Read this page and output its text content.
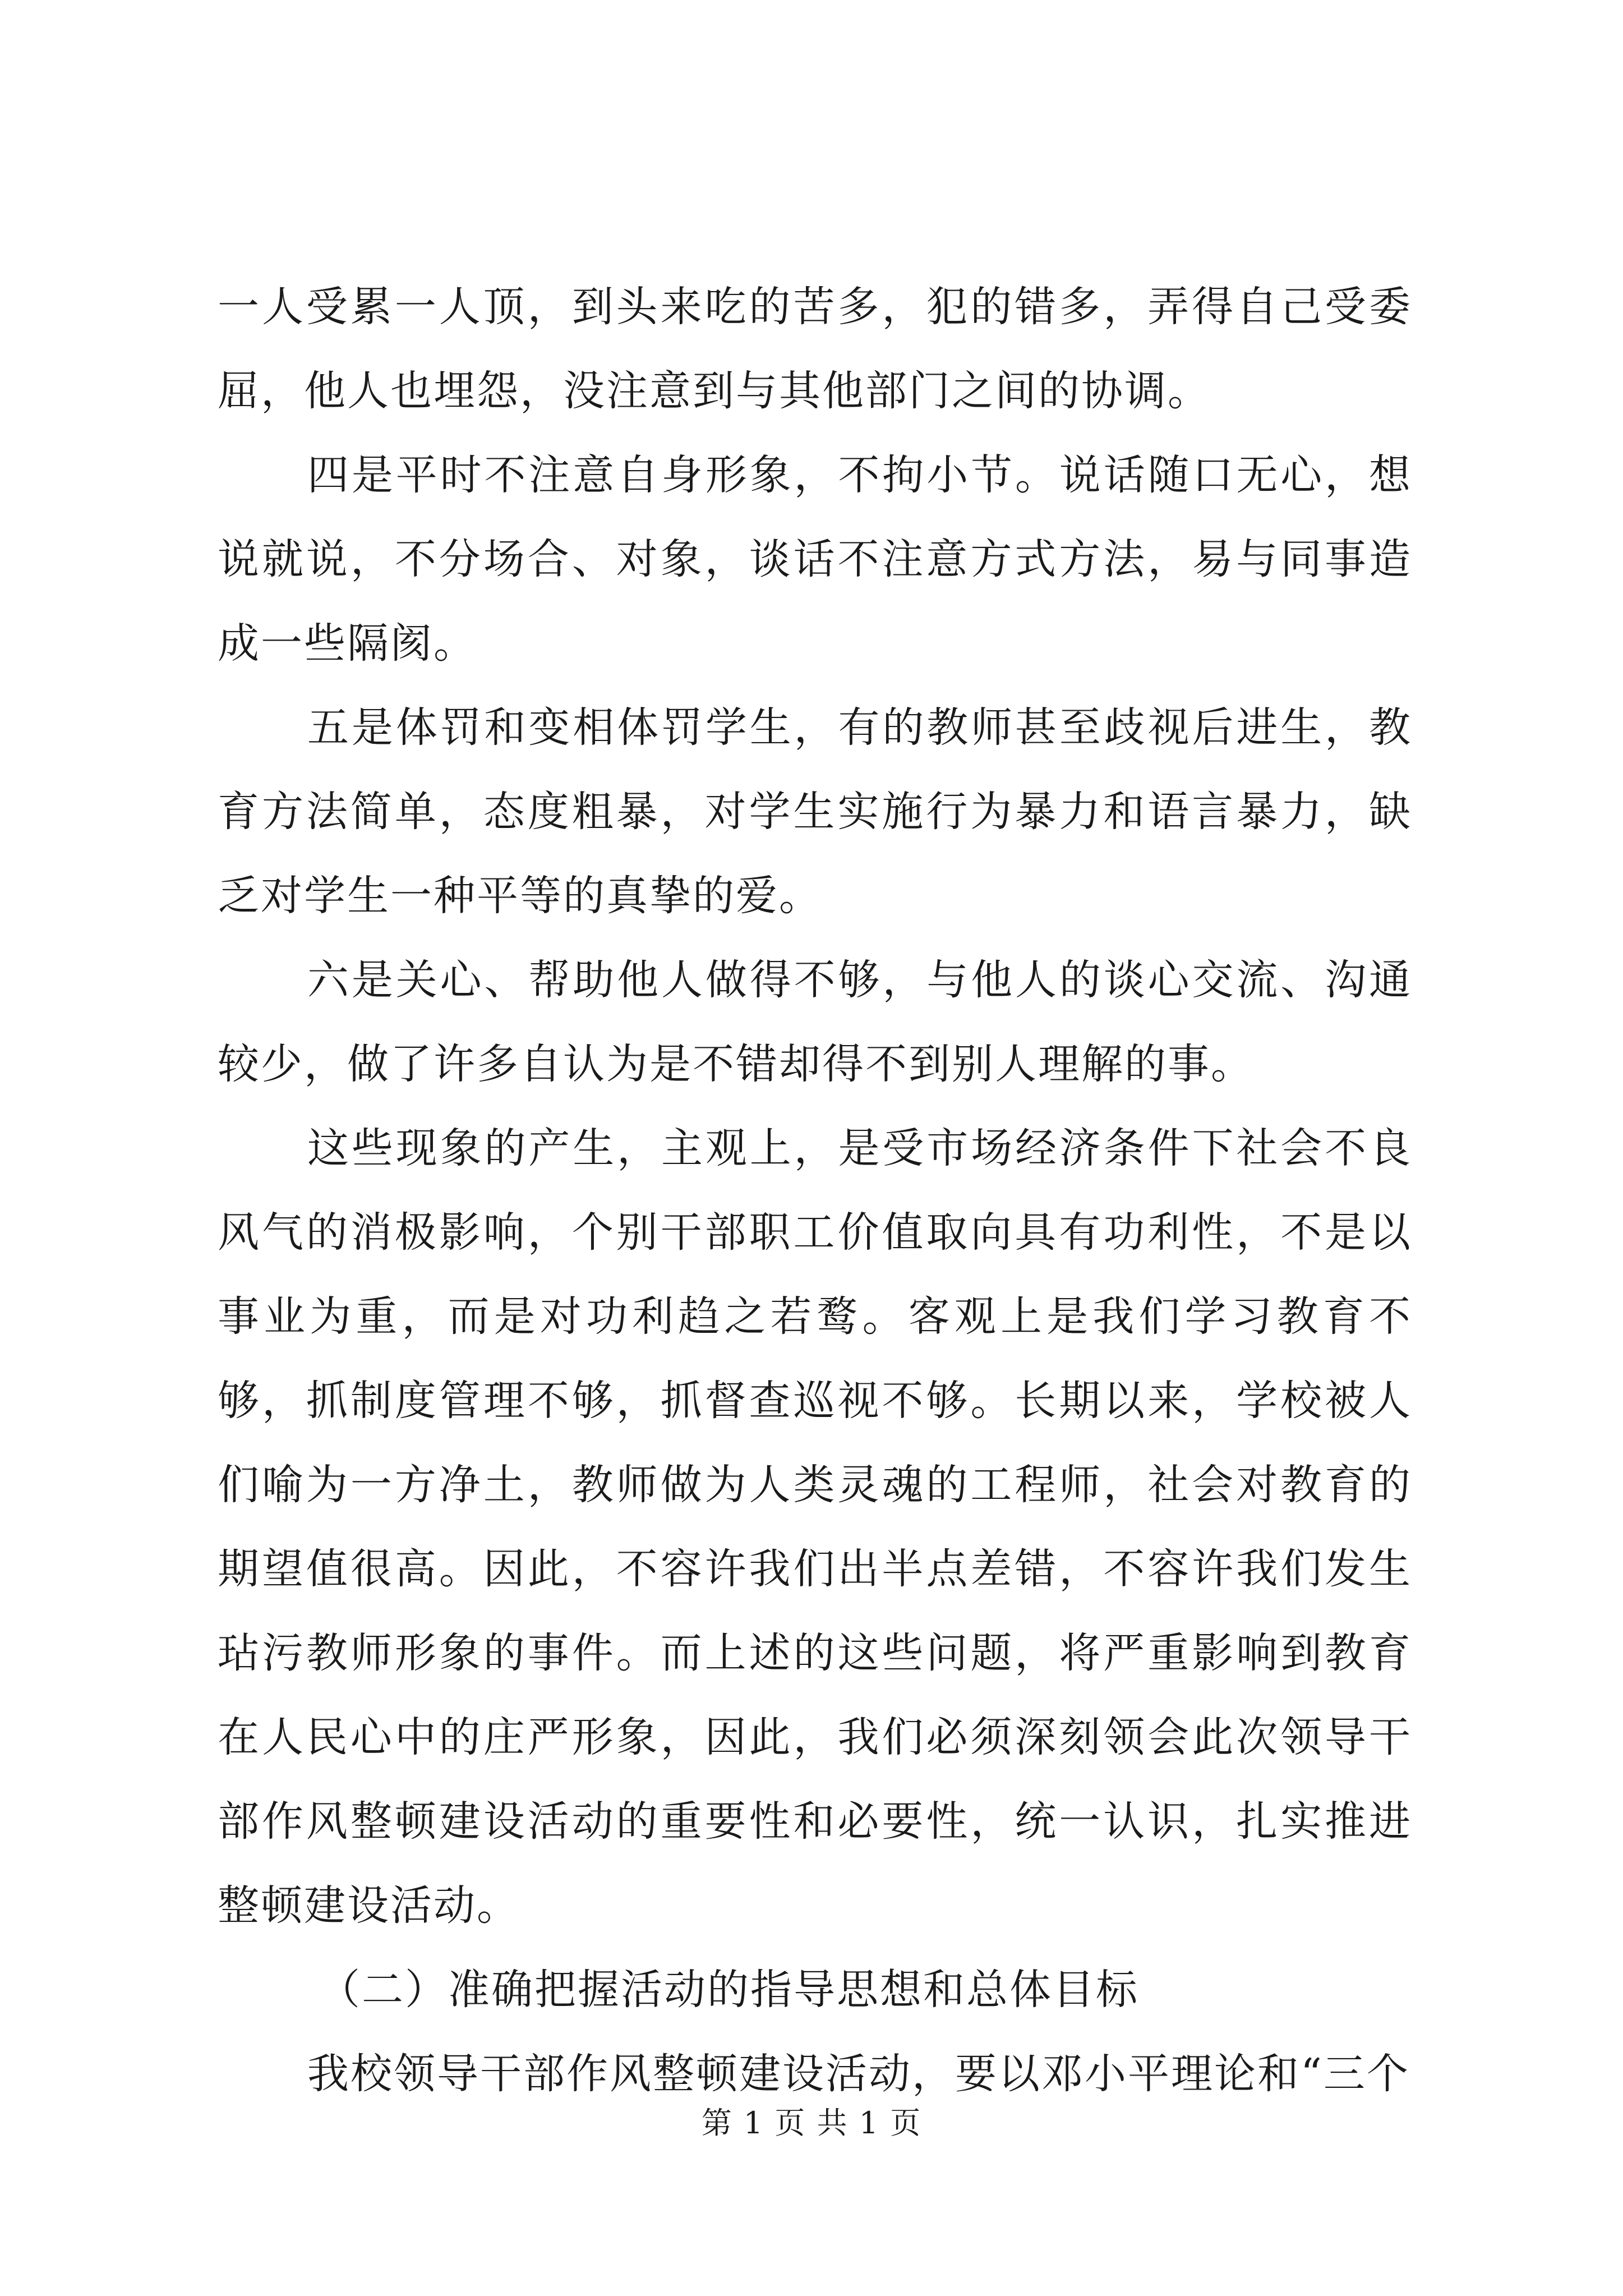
一人受累一人顶，到头来吃的苦多，犯的错多，弄得自己受委屈，他人也埋怨，没注意到与其他部门之间的协调。

四是平时不注意自身形象，不拘小节。说话随口无心，想说就说，不分场合、对象，谈话不注意方式方法，易与同事造成一些隔阂。

五是体罚和变相体罚学生，有的教师甚至歧视后进生，教育方法简单，态度粗暴，对学生实施行为暴力和语言暴力，缺乏对学生一种平等的真挚的爱。

六是关心、帮助他人做得不够，与他人的谈心交流、沟通较少，做了许多自认为是不错却得不到别人理解的事。

这些现象的产生，主观上，是受市场经济条件下社会不良风气的消极影响，个别干部职工价值取向具有功利性，不是以事业为重，而是对功利趋之若鹜。客观上是我们学习教育不够，抓制度管理不够，抓督查巡视不够。长期以来，学校被人们喻为一方净土，教师做为人类灵魂的工程师，社会对教育的期望值很高。因此，不容许我们出半点差错，不容许我们发生玷污教师形象的事件。而上述的这些问题，将严重影响到教育在人民心中的庄严形象，因此，我们必须深刻领会此次领导干部作风整顿建设活动的重要性和必要性，统一认识，扎实推进整顿建设活动。

（二）准确把握活动的指导思想和总体目标

我校领导干部作风整顿建设活动，要以邓小平理论和“三个

第 1 页 共 1 页
